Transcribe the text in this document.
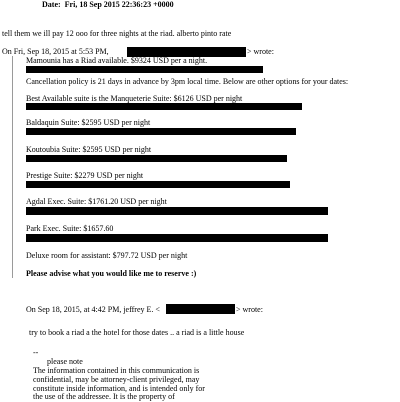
Date: Fri, 18 Sep 2015 22:36:23 +0000
tell them we ill pay 12 ooo for three nights at the riad. alberto pinto rate
On Fri, Sep 18, 2015 at 5:53 PM,	> wrote:
Mamounia has a Riad available. $9324 USD per a night.
Cancellation policy is 21 days in advance by 3pm local time. Below are other options for your dates:
Best Available suite is the Manqueterie Suite: $6126 USD per night
Baldaquin Suite: $2595 USD per night
Koutoubia Suite: $2595 USD per night
Prestige Suite: $2279 USD per night
Agdal Exec. Suite: $1761.20 USD per night
Park Exec. Suite: $1657.60
Deluxe room for assistant: $797.72 USD per night
Please advise what you would like me to reserve :)
On Sep 18, 2015, at 4:42 PM, jeffrey E. <	> wrote:
try to book a riad a the hotel for those dates .. a riad is a little house
--
please note
The information contained in this communication is
confidential, may be attorney-client privileged, may
constitute inside information, and is intended only for
the use of the addressee. It is the property of
